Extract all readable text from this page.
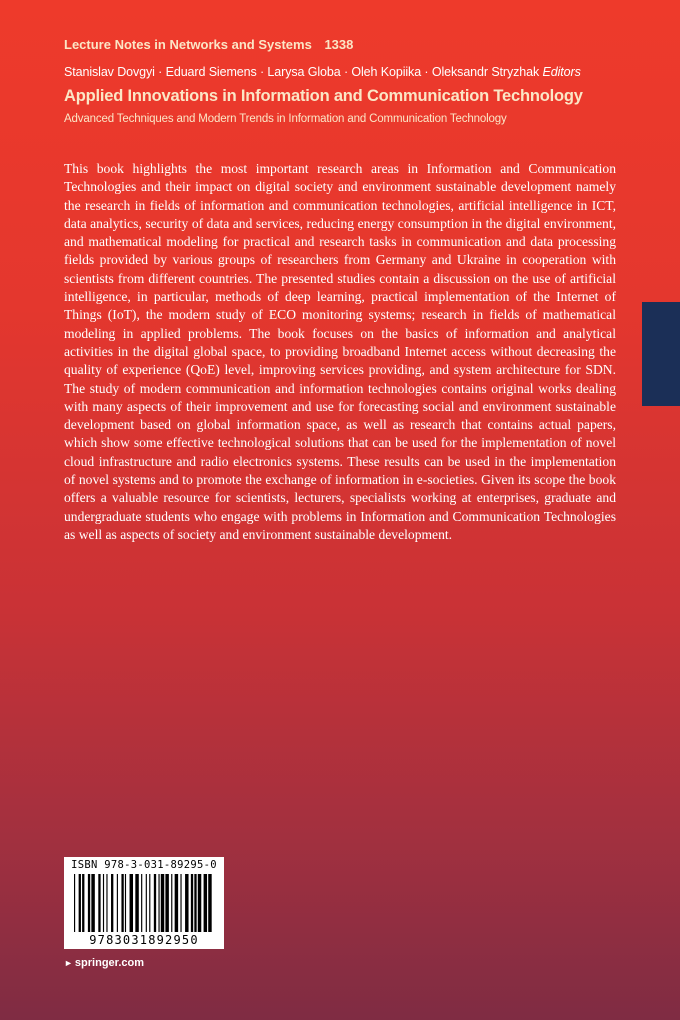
Lecture Notes in Networks and Systems 1338
Stanislav Dovgyi · Eduard Siemens · Larysa Globa · Oleh Kopiika · Oleksandr Stryzhak Editors
Applied Innovations in Information and Communication Technology
Advanced Techniques and Modern Trends in Information and Communication Technology

This book highlights the most important research areas in Information and Communication Technologies and their impact on digital society and environment sustainable development namely the research in fields of information and communication technologies, artificial intelligence in ICT, data analytics, security of data and services, reducing energy consumption in the digital environment, and mathematical modeling for practical and research tasks in communication and data processing fields provided by various groups of researchers from Germany and Ukraine in cooperation with scientists from different countries. The presented studies contain a discussion on the use of artificial intelligence, in particular, methods of deep learning, practical implementation of the Internet of Things (IoT), the modern study of ECO monitoring systems; research in fields of mathematical modeling in applied problems. The book focuses on the basics of information and analytical activities in the digital global space, to providing broadband Internet access without decreasing the quality of experience (QoE) level, improving services providing, and system architecture for SDN. The study of modern communication and information technologies contains original works dealing with many aspects of their improvement and use for forecasting social and environment sustainable development based on global information space, as well as research that contains actual papers, which show some effective technological solutions that can be used for the implementation of novel cloud infrastructure and radio electronics systems. These results can be used in the implementation of novel systems and to promote the exchange of information in e-societies. Given its scope the book offers a valuable resource for scientists, lecturers, specialists working at enterprises, graduate and undergraduate students who engage with problems in Information and Communication Technologies as well as aspects of society and environment sustainable development.

ISBN 978-3-031-89295-0
9783031892950
► springer.com
